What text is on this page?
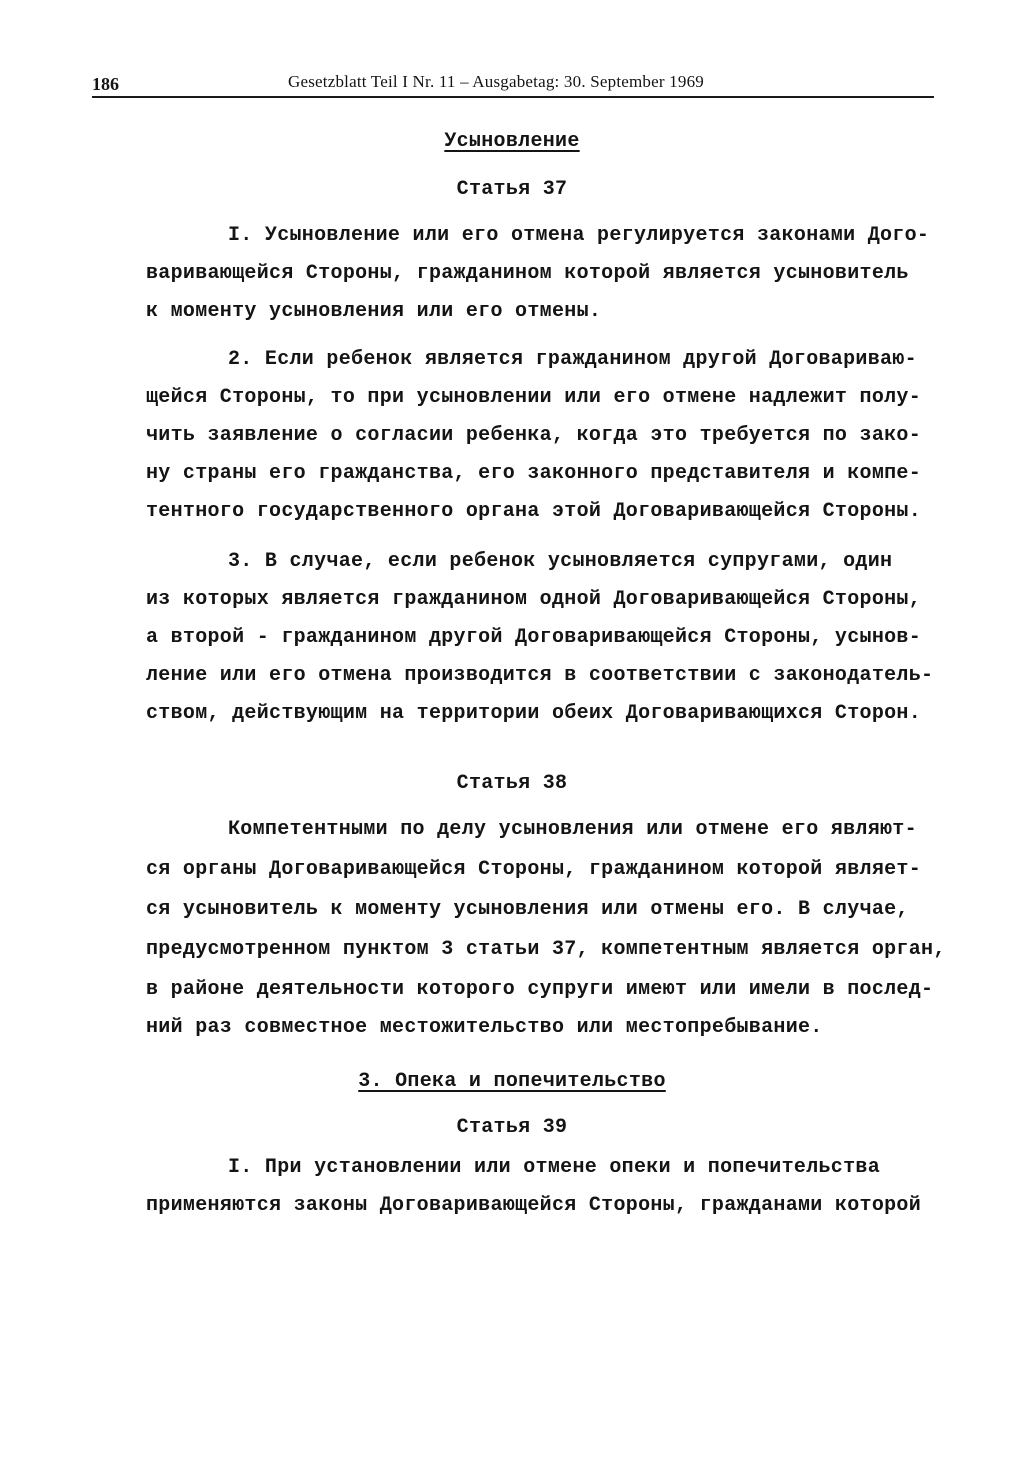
186	Gesetzblatt Teil I Nr. 11 – Ausgabetag: 30. September 1969
Усыновление
Статья 37
I. Усыновление или его отмена регулируется законами Дого-
варивающейся Стороны, гражданином которой является усыновитель
к моменту усыновления или его отмены.
2. Если ребенок является гражданином другой Договариваю-
щейся Стороны, то при усыновлении или его отмене надлежит полу-
чить заявление о согласии ребенка, когда это требуется по зако-
ну страны его гражданства, его законного представителя и компе-
тентного государственного органа этой Договаривающейся Стороны.
3. В случае, если ребенок усыновляется супругами, один
из которых является гражданином одной Договаривающейся Стороны,
а второй - гражданином другой Договаривающейся Стороны, усынов-
ление или его отмена производится в соответствии с законодатель-
ством, действующим на территории обеих Договаривающихся Сторон.
Статья 38
Компетентными по делу усыновления или отмене его являют-
ся органы Договаривающейся Стороны, гражданином которой являет-
ся усыновитель к моменту усыновления или отмены его. В случае,
предусмотренном пунктом 3 статьи 37, компетентным является орган,
в районе деятельности которого супруги имеют или имели в послед-
ний раз совместное местожительство или местопребывание.
3. Опека и попечительство
Статья 39
I. При установлении или отмене опеки и попечительства
применяются законы Договаривающейся Стороны, гражданами которой
